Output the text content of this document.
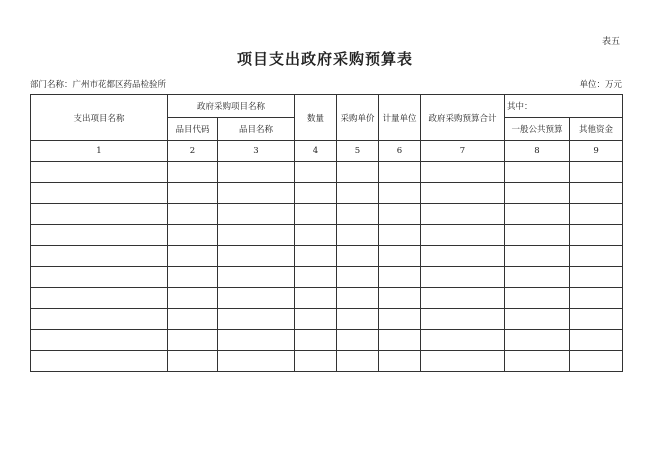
表五
项目支出政府采购预算表
部门名称：广州市花都区药品检验所	单位：万元
支出项目名称	政府采购项目名称		数量	采购单价	计量单位	政府采购预算合计	其中：	
	品目代码	品目名称					一般公共预算	其他资金
1	2	3	4	5	6	7	8	9
